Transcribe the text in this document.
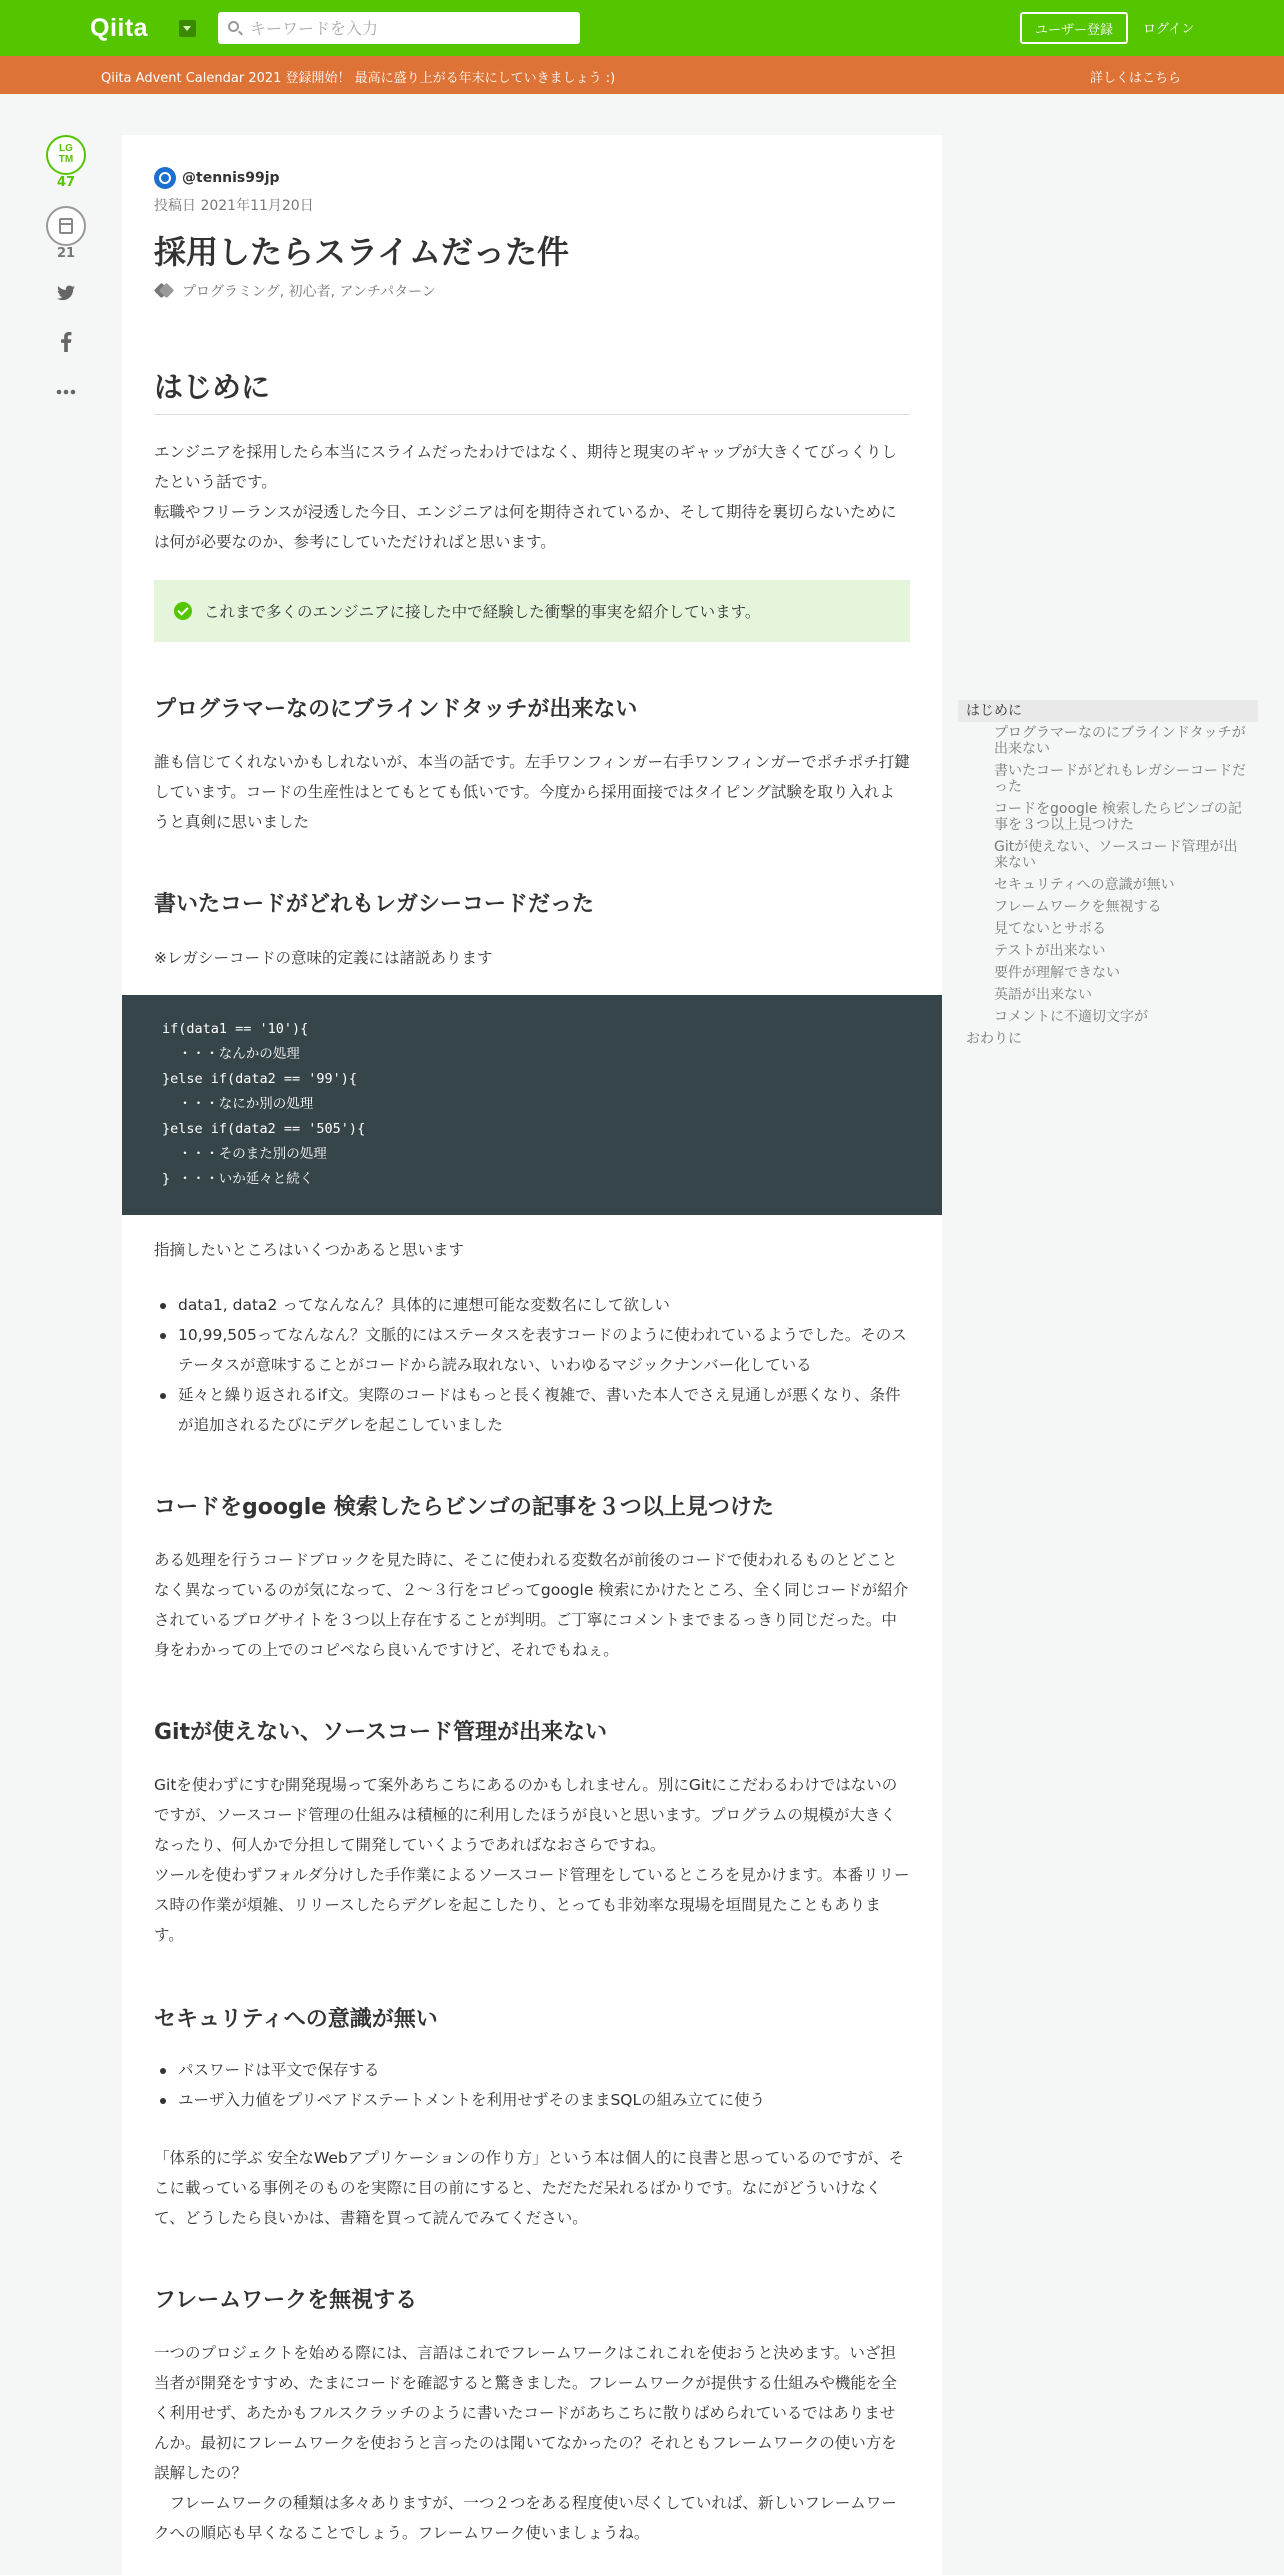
Qiita
キーワードを入力	ユーザー登録	ログイン
Qiita Advent Calendar 2021 登録開始！ 最高に盛り上がる年末にしていきましょう :)	詳しくはこちら
LG
TM
47
21
@tennis99jp
投稿日 2021年11月20日
採用したらスライムだった件
プログラミング, 初心者, アンチパターン
はじめに
エンジニアを採用したら本当にスライムだったわけではなく、期待と現実のギャップが大きくてびっくりしたという話です。
転職やフリーランスが浸透した今日、エンジニアは何を期待されているか、そして期待を裏切らないためには何が必要なのか、参考にしていただければと思います。
これまで多くのエンジニアに接した中で経験した衝撃的事実を紹介しています。
プログラマーなのにブラインドタッチが出来ない
誰も信じてくれないかもしれないが、本当の話です。左手ワンフィンガー右手ワンフィンガーでポチポチ打鍵しています。コードの生産性はとてもとても低いです。今度から採用面接ではタイピング試験を取り入れようと真剣に思いました
書いたコードがどれもレガシーコードだった
※レガシーコードの意味的定義には諸説あります
if(data1 == '10'){
・・・なんかの処理
}else if(data2 == '99'){
・・・なにか別の処理
}else if(data2 == '505'){
・・・そのまた別の処理
} ・・・いか延々と続く
指摘したいところはいくつかあると思います
data1, data2 ってなんなん？具体的に連想可能な変数名にして欲しい
10,99,505ってなんなん？文脈的にはステータスを表すコードのように使われているようでした。そのステータスが意味することがコードから読み取れない、いわゆるマジックナンバー化している
延々と繰り返されるif文。実際のコードはもっと長く複雑で、書いた本人でさえ見通しが悪くなり、条件が追加されるたびにデグレを起こしていました
コードをgoogle 検索したらビンゴの記事を３つ以上見つけた
ある処理を行うコードブロックを見た時に、そこに使われる変数名が前後のコードで使われるものとどことなく異なっているのが気になって、２～３行をコピってgoogle 検索にかけたところ、全く同じコードが紹介されているブログサイトを３つ以上存在することが判明。ご丁寧にコメントまでまるっきり同じだった。中身をわかっての上でのコピペなら良いんですけど、それでもねぇ。
Gitが使えない、ソースコード管理が出来ない
Gitを使わずにすむ開発現場って案外あちこちにあるのかもしれません。別にGitにこだわるわけではないのですが、ソースコード管理の仕組みは積極的に利用したほうが良いと思います。プログラムの規模が大きくなったり、何人かで分担して開発していくようであればなおさらですね。
ツールを使わずフォルダ分けした手作業によるソースコード管理をしているところを見かけます。本番リリース時の作業が煩雑、リリースしたらデグレを起こしたり、とっても非効率な現場を垣間見たこともあります。
セキュリティへの意識が無い
パスワードは平文で保存する
ユーザ入力値をプリペアドステートメントを利用せずそのままSQLの組み立てに使う
「体系的に学ぶ 安全なWebアプリケーションの作り方」という本は個人的に良書と思っているのですが、そこに載っている事例そのものを実際に目の前にすると、ただただ呆れるばかりです。なにがどういけなくて、どうしたら良いかは、書籍を買って読んでみてください。
フレームワークを無視する
一つのプロジェクトを始める際には、言語はこれでフレームワークはこれこれを使おうと決めます。いざ担当者が開発をすすめ、たまにコードを確認すると驚きました。フレームワークが提供する仕組みや機能を全く利用せず、あたかもフルスクラッチのように書いたコードがあちこちに散りばめられているではありませんか。最初にフレームワークを使おうと言ったのは聞いてなかったの？それともフレームワークの使い方を誤解したの？
　フレームワークの種類は多々ありますが、一つ２つをある程度使い尽くしていれば、新しいフレームワークへの順応も早くなることでしょう。フレームワーク使いましょうね。
はじめに
プログラマーなのにブラインドタッチが出来ない
書いたコードがどれもレガシーコードだった
コードをgoogle 検索したらビンゴの記事を３つ以上見つけた
Gitが使えない、ソースコード管理が出来ない
セキュリティへの意識が無い
フレームワークを無視する
見てないとサボる
テストが出来ない
要件が理解できない
英語が出来ない
コメントに不適切文字が
おわりに
